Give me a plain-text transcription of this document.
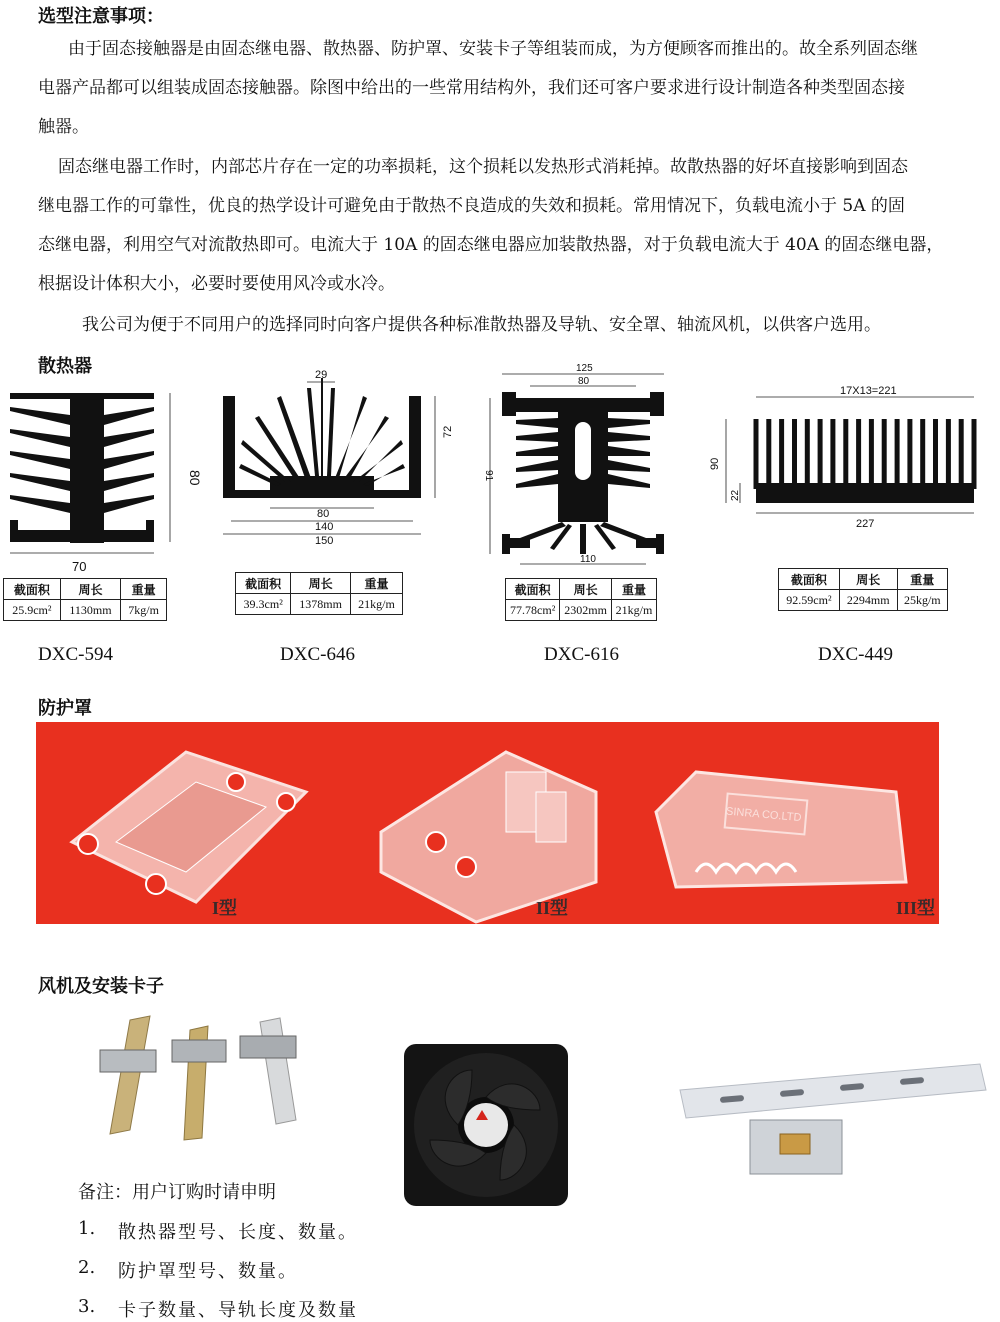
选型注意事项：
由于固态接触器是由固态继电器、散热器、防护罩、安装卡子等组装而成，为方便顾客而推出的。故全系列固态继
电器产品都可以组装成固态接触器。除图中给出的一些常用结构外，我们还可客户要求进行设计制造各种类型固态接
触器。
固态继电器工作时，内部芯片存在一定的功率损耗，这个损耗以发热形式消耗掉。故散热器的好坏直接影响到固态
继电器工作的可靠性，优良的热学设计可避免由于散热不良造成的失效和损耗。常用情况下，负载电流小于 5A 的固
态继电器，利用空气对流散热即可。电流大于 10A 的固态继电器应加装散热器，对于负载电流大于 40A 的固态继电器，
根据设计体积大小，必要时要使用风冷或水冷。
我公司为便于不同用户的选择同时向客户提供各种标准散热器及导轨、安全罩、轴流风机，以供客户选用。
散热器
70
80
截面积	周长	重量
25.9cm²	1130mm	7kg/m
DXC-594
29
72
80
140
150
截面积	周长	重量
39.3cm²	1378mm	21kg/m
DXC-646
125
80
91
110
截面积	周长	重量
77.78cm²	2302mm	21kg/m
DXC-616
17X13=221
90
22
227
截面积	周长	重量
92.59cm²	2294mm	25kg/m
DXC-449
防护罩
SINRA CO.LTD
I型	II型	III型
风机及安装卡子
备注：用户订购时请申明
1. 散热器型号、长度、数量。
2. 防护罩型号、数量。
3. 卡子数量、导轨长度及数量
